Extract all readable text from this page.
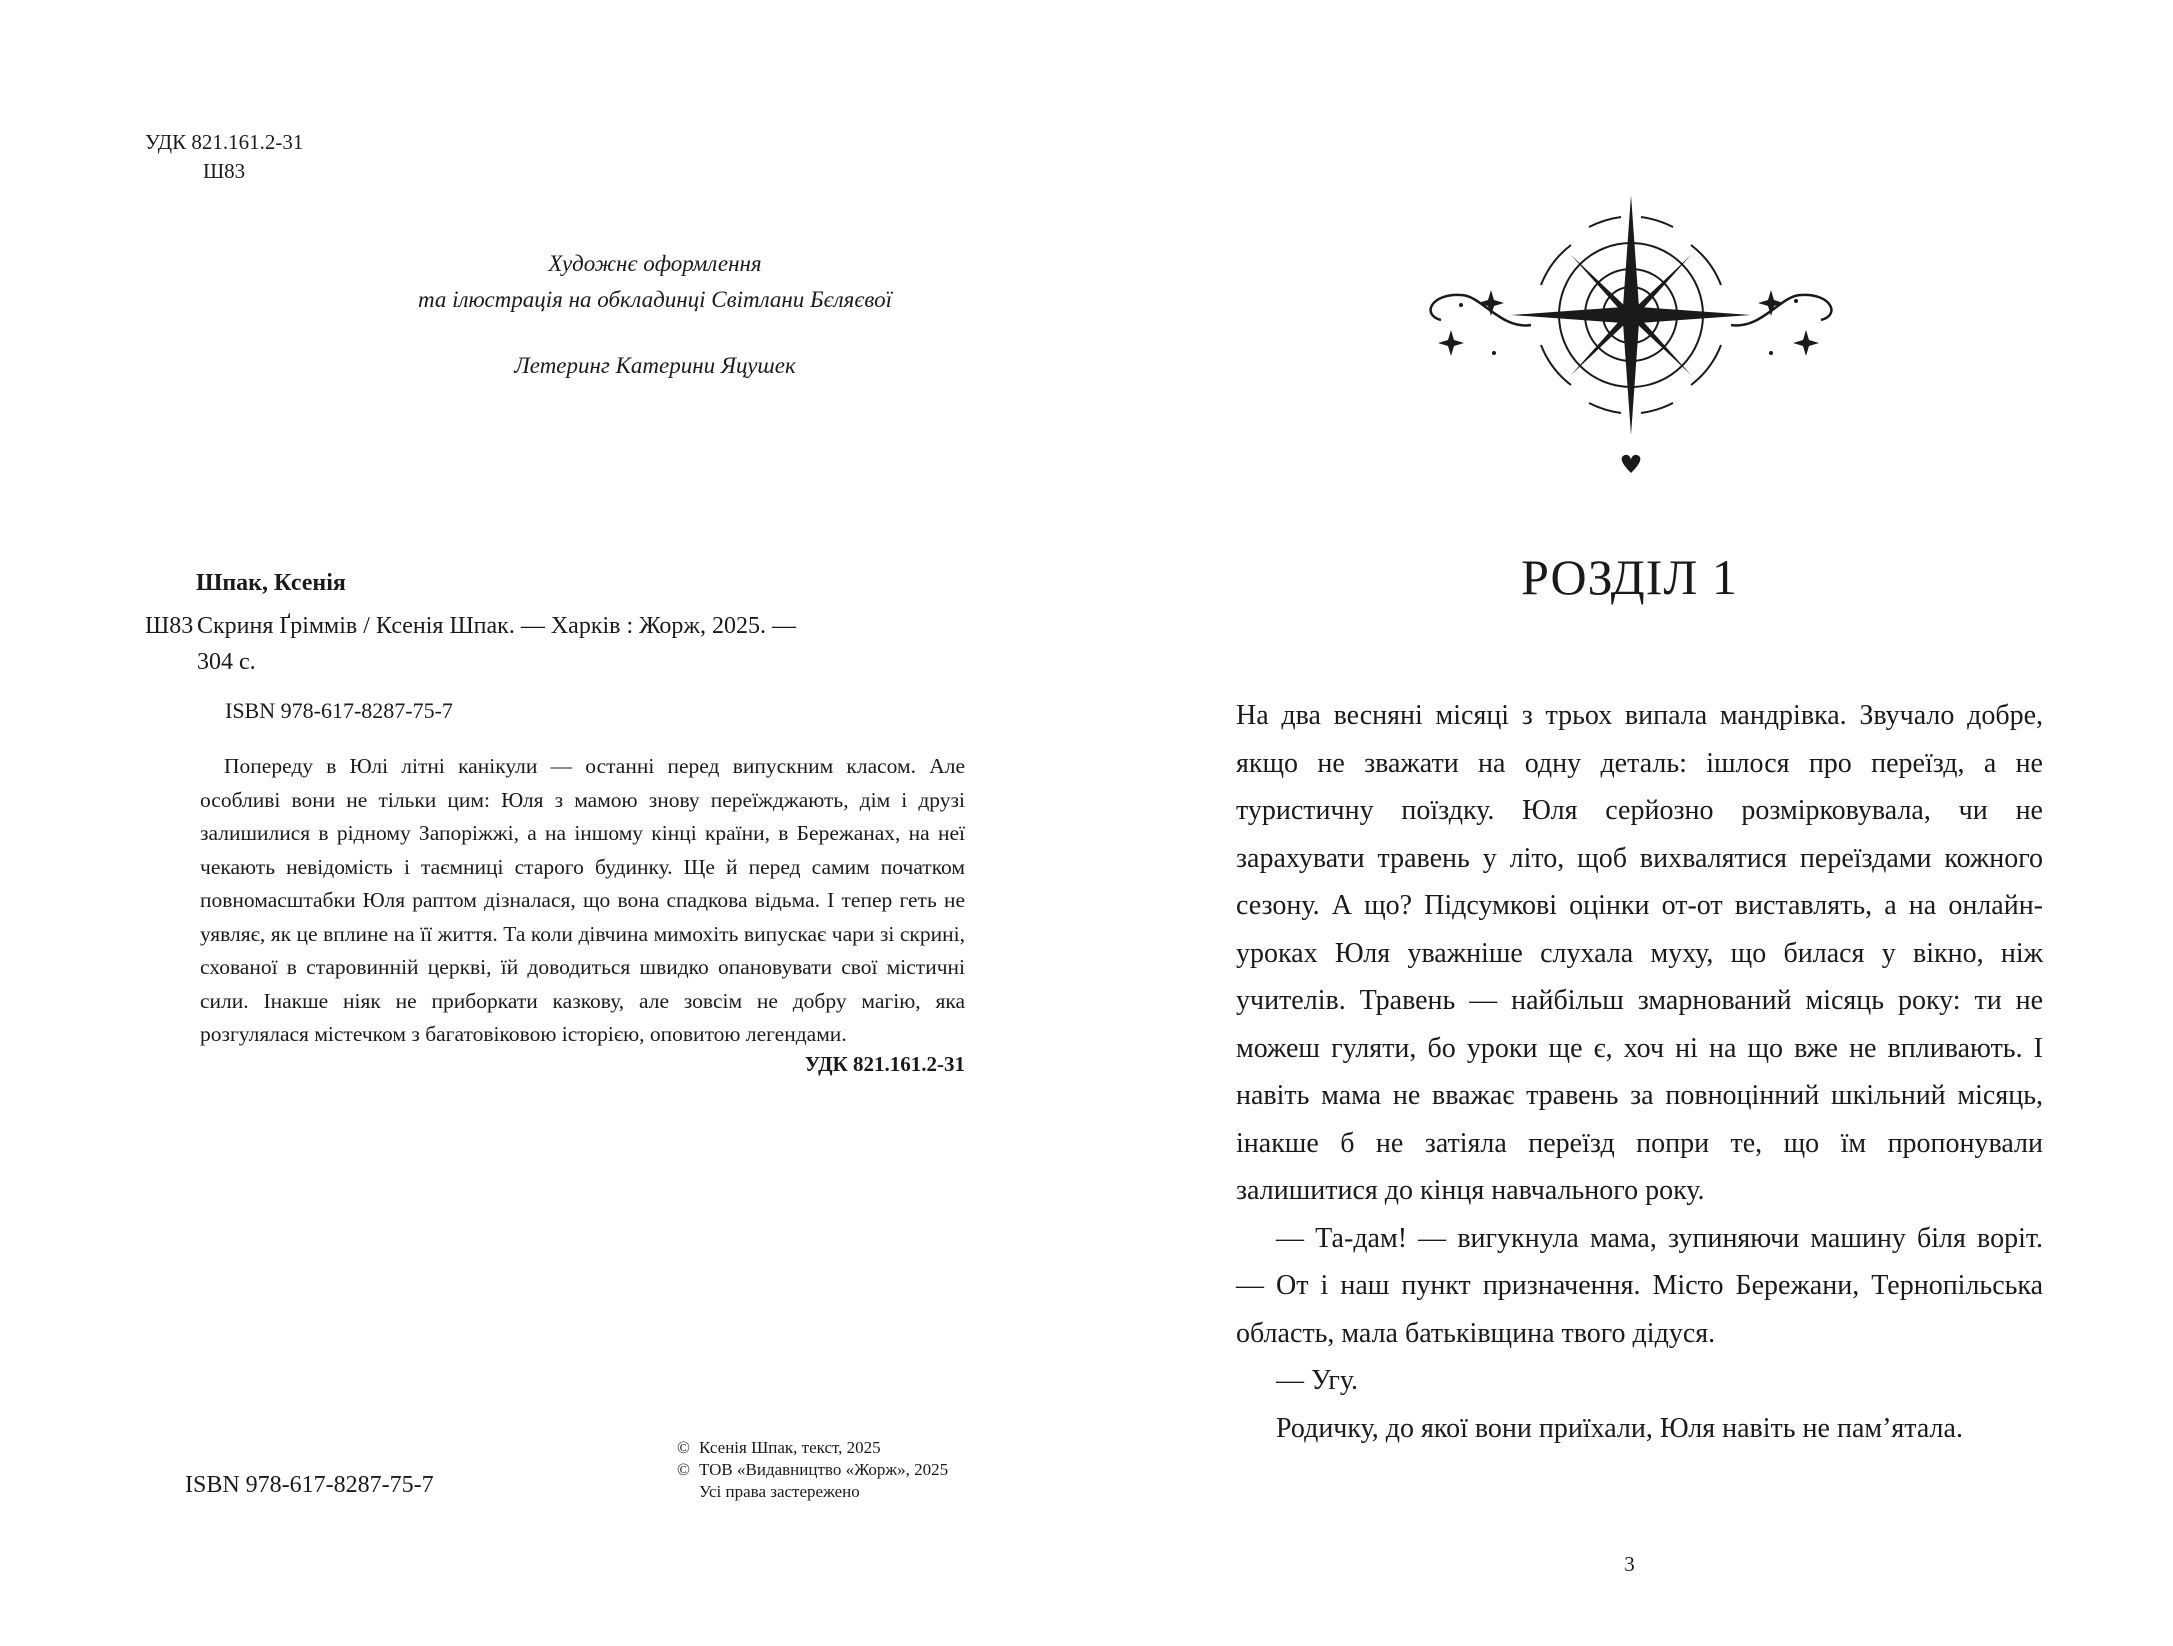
УДК 821.161.2-31
Ш83
Художнє оформлення
та ілюстрація на обкладинці Світлани Бєляєвої
Летеринг Катерини Яцушек
Шпак, Ксенія
Ш83 Скриня Ґріммів / Ксенія Шпак. — Харків : Жорж, 2025. —
304 с.
ISBN 978-617-8287-75-7

Попереду в Юлі літні канікули — останні перед випускним класом. Але особливі вони не тільки цим: Юля з мамою знову переїжджають, дім і друзі залишилися в рідному Запоріжжі, а на іншому кінці країни, в Бережанах, на неї чекають невідомість і таємниці старого будинку. Ще й перед самим початком повномасштабки Юля раптом дізналася, що вона спадкова відьма. І тепер геть не уявляє, як це вплине на її життя. Та коли дівчина мимохіть випускає чари зі скрині, схованої в старовинній церкві, їй доводиться швидко опановувати свої містичні сили. Інакше ніяк не приборкати казкову, але зовсім не добру магію, яка розгулялася містечком з багатовіковою історією, оповитою легендами.

УДК 821.161.2-31
ISBN 978-617-8287-75-7
© Ксенія Шпак, текст, 2025
© ТОВ «Видавництво «Жорж», 2025
Усі права застережено
РОЗДІЛ 1

На два весняні місяці з трьох випала мандрівка. Звучало добре, якщо не зважати на одну деталь: ішлося про переїзд, а не туристичну поїздку. Юля серйозно розмірковувала, чи не зарахувати травень у літо, щоб вихвалятися переїздами кожного сезону. А що? Підсумкові оцінки от-от виставлять, а на онлайн-уроках Юля уважніше слухала муху, що билася у вікно, ніж учителів. Травень — найбільш змарнований місяць року: ти не можеш гуляти, бо уроки ще є, хоч ні на що вже не впливають. І навіть мама не вважає травень за повноцінний шкільний місяць, інакше б не затіяла переїзд попри те, що їм пропонували залишитися до кінця навчального року.

— Та-дам! — вигукнула мама, зупиняючи машину біля воріт. — От і наш пункт призначення. Місто Бережани, Тернопільська область, мала батьківщина твого дідуся.

— Угу.

Родичку, до якої вони приїхали, Юля навіть не пам’ятала.

3
